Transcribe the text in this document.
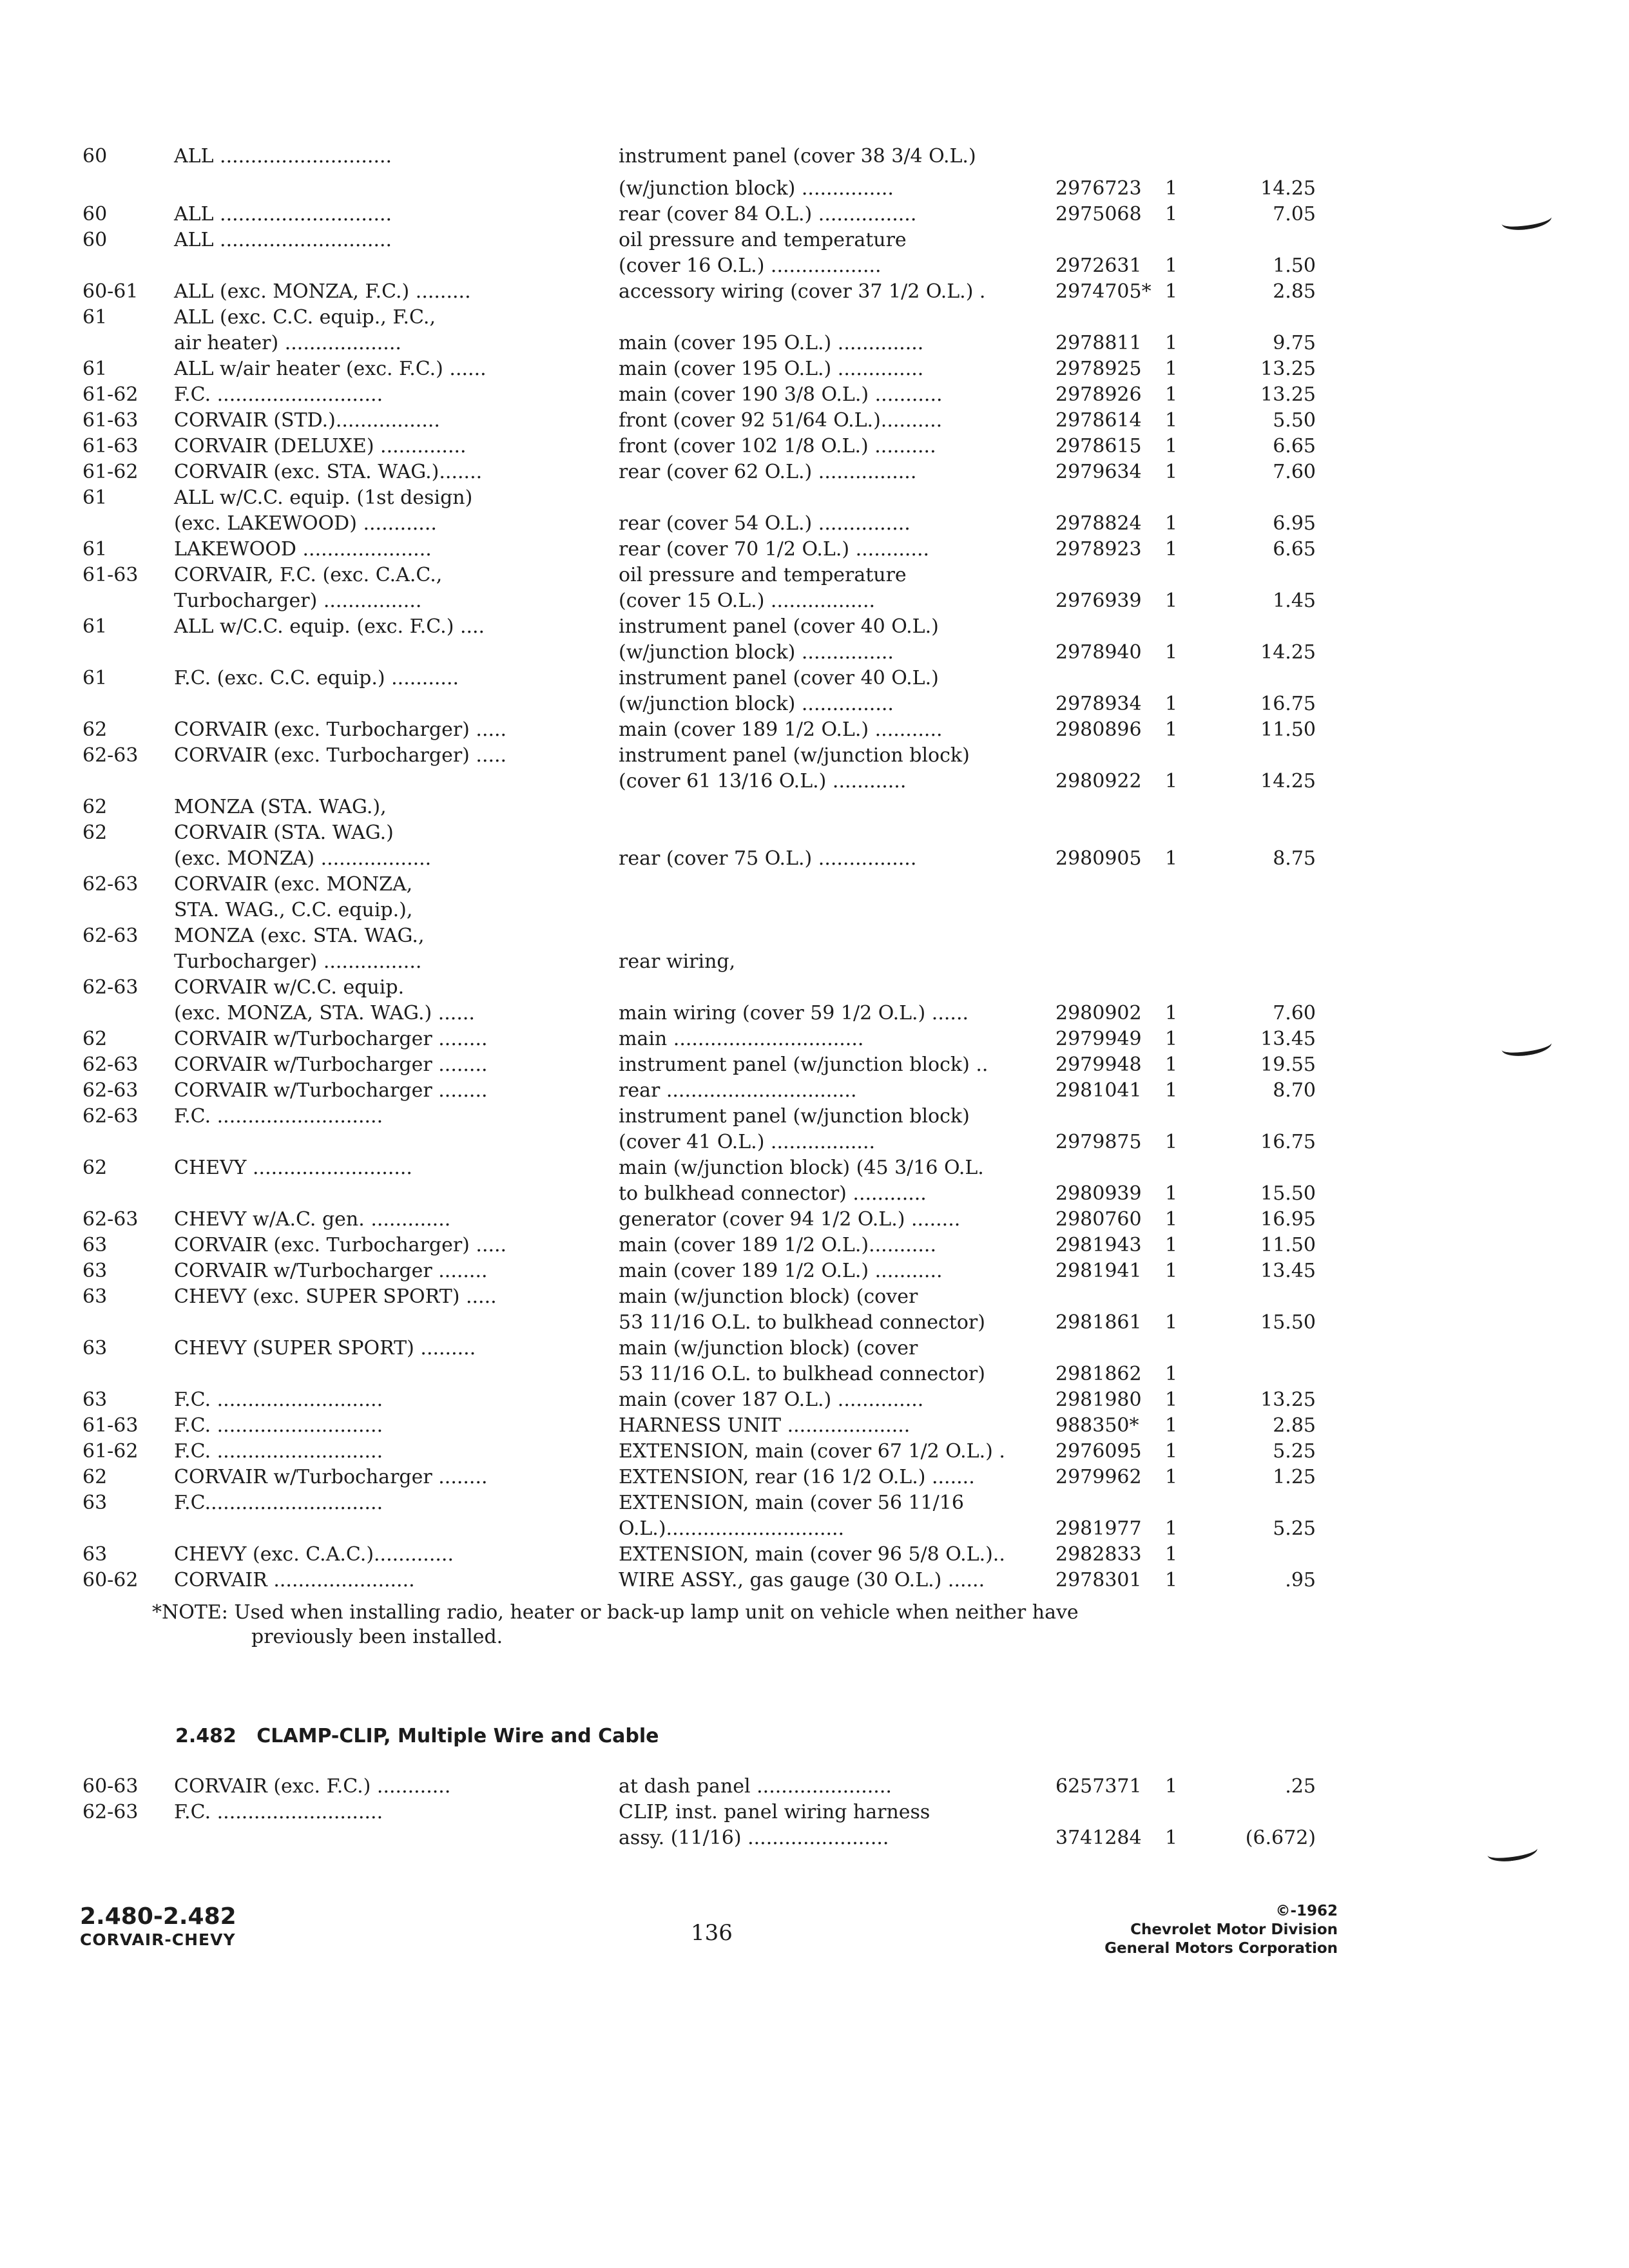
60	ALL ............................	instrument panel (cover 38 3/4 O.L.)
(w/junction block) ...............	2976723 1	14.25
60	ALL ............................	rear (cover 84 O.L.) ................	2975068 1	7.05
60	ALL ............................	oil pressure and temperature
(cover 16 O.L.) ..................	2972631 1	1.50
60-61 ALL (exc. MONZA, F.C.) .........	accessory wiring (cover 37 1/2 O.L.) .	2974705* 1	2.85
61	ALL (exc. C.C. equip., F.C.,
air heater) ...................	main (cover 195 O.L.) ..............	2978811 1	9.75
61	ALL w/air heater (exc. F.C.) ......	main (cover 195 O.L.) ..............	2978925 1	13.25
61-62 F.C. ...........................	main (cover 190 3/8 O.L.) ...........	2978926 1	13.25
61-63 CORVAIR (STD.).................	front (cover 92 51/64 O.L.)..........	2978614 1	5.50
61-63 CORVAIR (DELUXE) ..............	front (cover 102 1/8 O.L.) ..........	2978615 1	6.65
61-62 CORVAIR (exc. STA. WAG.).......	rear (cover 62 O.L.) ................	2979634 1	7.60
61	ALL w/C.C. equip. (1st design)
(exc. LAKEWOOD) ............	rear (cover 54 O.L.) ...............	2978824 1	6.95
61	LAKEWOOD .....................	rear (cover 70 1/2 O.L.) ............	2978923 1	6.65
61-63 CORVAIR, F.C. (exc. C.A.C.,	oil pressure and temperature
Turbocharger) ................	(cover 15 O.L.) .................	2976939 1	1.45
61	ALL w/C.C. equip. (exc. F.C.) ....	instrument panel (cover 40 O.L.)
(w/junction block) ...............	2978940 1	14.25
61	F.C. (exc. C.C. equip.) ...........	instrument panel (cover 40 O.L.)
(w/junction block) ...............	2978934 1	16.75
62	CORVAIR (exc. Turbocharger) .....	main (cover 189 1/2 O.L.) ...........	2980896 1	11.50
62-63 CORVAIR (exc. Turbocharger) .....	instrument panel (w/junction block)
(cover 61 13/16 O.L.) ............	2980922 1	14.25
62	MONZA (STA. WAG.),
62	CORVAIR (STA. WAG.)
(exc. MONZA) ..................	rear (cover 75 O.L.) ................	2980905 1	8.75
62-63 CORVAIR (exc. MONZA,
STA. WAG., C.C. equip.),
62-63 MONZA (exc. STA. WAG.,
Turbocharger) ................	rear wiring,
62-63 CORVAIR w/C.C. equip.
(exc. MONZA, STA. WAG.) ......	main wiring (cover 59 1/2 O.L.) ......	2980902 1	7.60
62	CORVAIR w/Turbocharger ........	main ...............................	2979949 1	13.45
62-63 CORVAIR w/Turbocharger ........	instrument panel (w/junction block) ..	2979948 1	19.55
62-63 CORVAIR w/Turbocharger ........	rear ...............................	2981041 1	8.70
62-63 F.C. ...........................	instrument panel (w/junction block)
(cover 41 O.L.) .................	2979875 1	16.75
62	CHEVY ..........................	main (w/junction block) (45 3/16 O.L.
to bulkhead connector) ............	2980939 1	15.50
62-63 CHEVY w/A.C. gen. .............	generator (cover 94 1/2 O.L.) ........	2980760 1	16.95
63	CORVAIR (exc. Turbocharger) .....	main (cover 189 1/2 O.L.)...........	2981943 1	11.50
63	CORVAIR w/Turbocharger ........	main (cover 189 1/2 O.L.) ...........	2981941 1	13.45
63	CHEVY (exc. SUPER SPORT) .....	main (w/junction block) (cover
53 11/16 O.L. to bulkhead connector)	2981861 1	15.50
63	CHEVY (SUPER SPORT) .........	main (w/junction block) (cover
53 11/16 O.L. to bulkhead connector)	2981862 1
63	F.C. ...........................	main (cover 187 O.L.) ..............	2981980 1	13.25
61-63 F.C. ...........................	HARNESS UNIT ....................	988350* 1	2.85
61-62 F.C. ...........................	EXTENSION, main (cover 67 1/2 O.L.) .	2976095 1	5.25
62	CORVAIR w/Turbocharger ........	EXTENSION, rear (16 1/2 O.L.) .......	2979962 1	1.25
63	F.C.............................	EXTENSION, main (cover 56 11/16
O.L.).............................	2981977 1	5.25
63	CHEVY (exc. C.A.C.).............	EXTENSION, main (cover 96 5/8 O.L.)..	2982833 1
60-62 CORVAIR .......................	WIRE ASSY., gas gauge (30 O.L.) ......	2978301 1	.95
*NOTE: Used when installing radio, heater or back-up lamp unit on vehicle when neither have
previously been installed.
2.482 CLAMP-CLIP, Multiple Wire and Cable
60-63 CORVAIR (exc. F.C.) ............	at dash panel ......................	6257371 1	.25
62-63 F.C. ...........................	CLIP, inst. panel wiring harness
assy. (11/16) .......................	3741284 1	(6.672)
2.480-2.482
CORVAIR-CHEVY	136
©-1962
Chevrolet Motor Division
General Motors Corporation
